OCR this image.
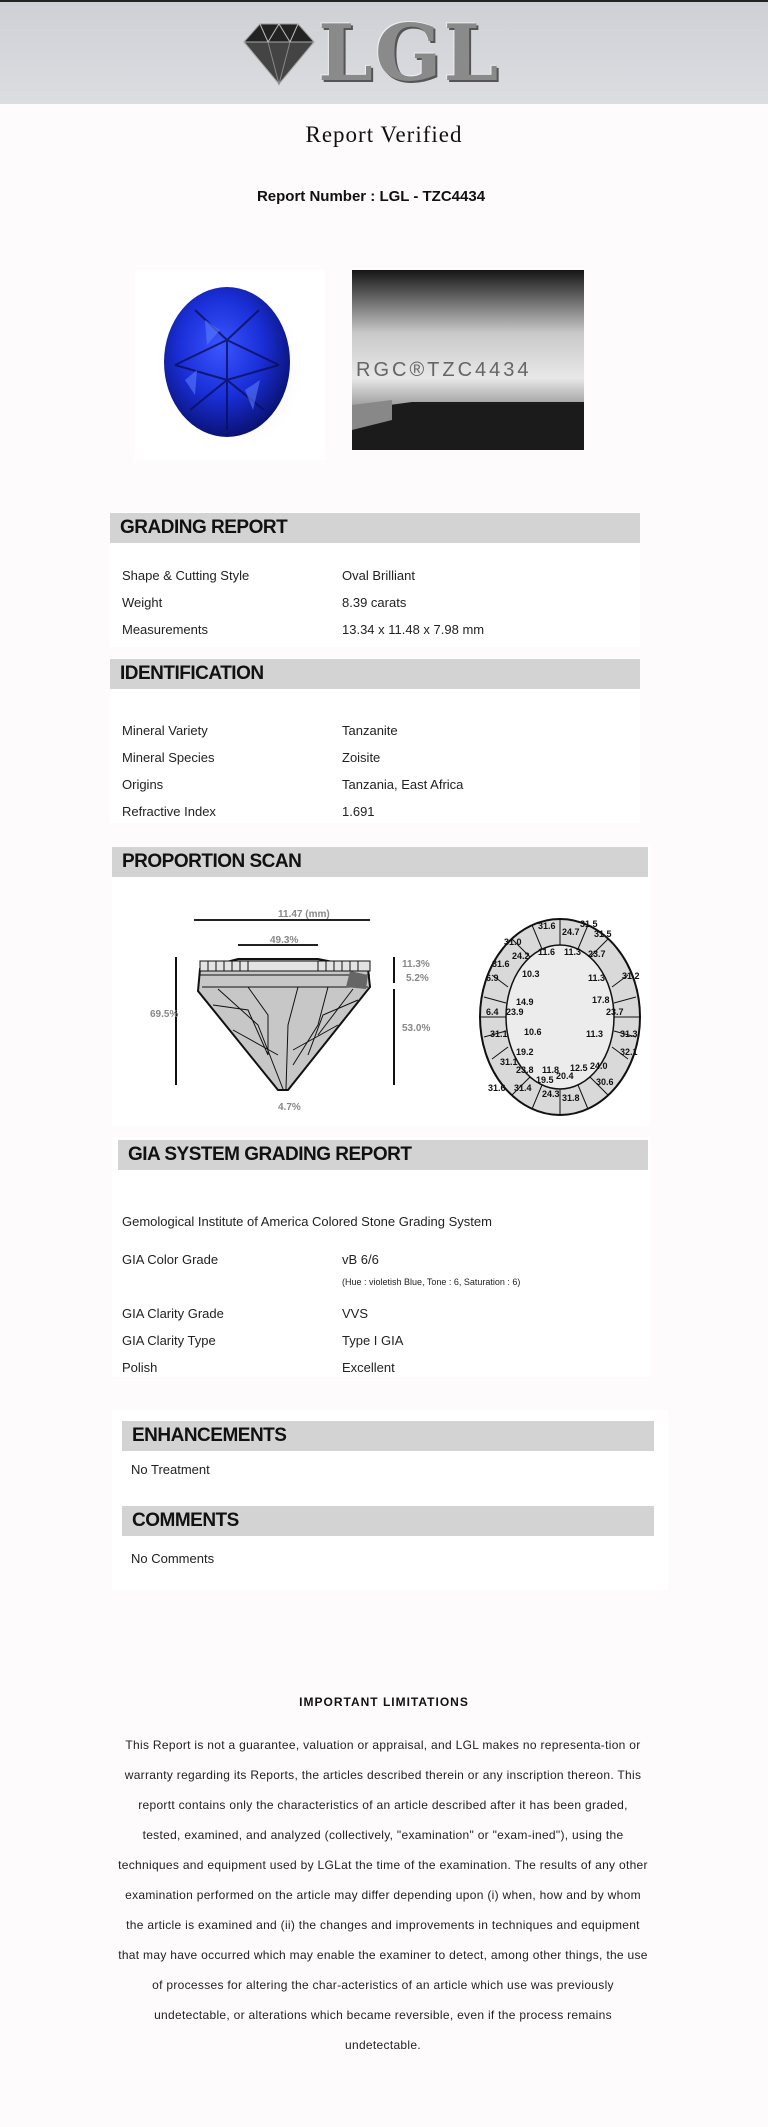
LGL
Report Verified
Report Number : LGL - TZC4434
RGC®TZC4434
GRADING REPORT
Shape & Cutting Style	Oval Brilliant
Weight	8.39 carats
Measurements	13.34 x 11.48 x 7.98 mm
IDENTIFICATION
Mineral Variety	Tanzanite
Mineral Species	Zoisite
Origins	Tanzania, East Africa
Refractive Index	1.691
PROPORTION SCAN
11.47 (mm)
49.3%
69.5%
11.3%
5.2%
53.0%
4.7%
31.0
31.6
24.7
31.5
31.5
31.6
24.2 11.6 11.3 23.7
6.9	10.3	11.3 31.2
14.9	17.8
23.7
6.4 23.9
31.1 10.6	11.3 31.3
19.2	32.1
31.1
23.8 11.8 12.5 24.0
19.5 20.4
30.6
31.4
24.3 31.8
31.6
GIA SYSTEM GRADING REPORT
Gemological Institute of America Colored Stone Grading System
GIA Color Grade	vB 6/6
(Hue : violetish Blue, Tone : 6, Saturation : 6)
GIA Clarity Grade	VVS
GIA Clarity Type	Type I GIA
Polish	Excellent
ENHANCEMENTS
No Treatment
COMMENTS
No Comments
IMPORTANT LIMITATIONS
This Report is not a guarantee, valuation or appraisal, and LGL makes no representa-tion or warranty regarding its Reports, the articles described therein or any inscription thereon. This reportt contains only the characteristics of an article described after it has been graded, tested, examined, and analyzed (collectively, "examination" or "exam-ined"), using the techniques and equipment used by LGLat the time of the examination. The results of any other examination performed on the article may differ depending upon (i) when, how and by whom the article is examined and (ii) the changes and improvements in techniques and equipment that may have occurred which may enable the examiner to detect, among other things, the use of processes for altering the char-acteristics of an article which use was previously undetectable, or alterations which became reversible, even if the process remains undetectable.
